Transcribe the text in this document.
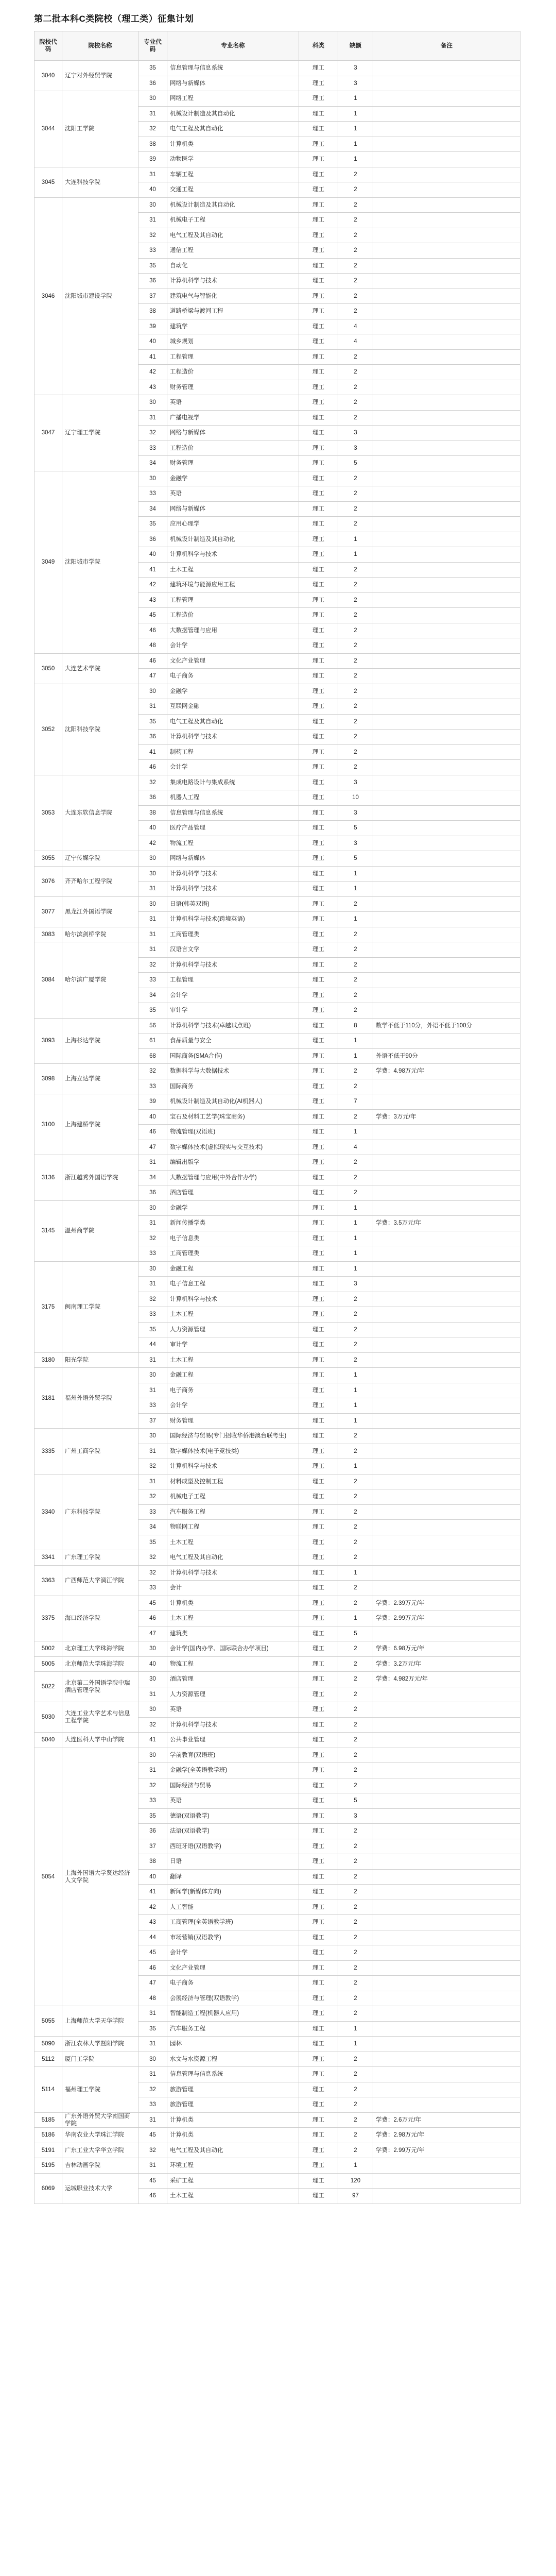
第二批本科C类院校（理工类）征集计划
院校代码	院校名称	专业代码	专业名称	科类	缺额	备注
3040	辽宁对外经贸学院	35	信息管理与信息系统	理工	3	
		36	网络与新媒体	理工	3	
3044	沈阳工学院	30	网络工程	理工	1	
		31	机械设计制造及其自动化	理工	1	
		32	电气工程及其自动化	理工	1	
		38	计算机类	理工	1	
		39	动物医学	理工	1	
3045	大连科技学院	31	车辆工程	理工	2	
		40	交通工程	理工	2	
3046	沈阳城市建设学院	30	机械设计制造及其自动化	理工	2	
		31	机械电子工程	理工	2	
		32	电气工程及其自动化	理工	2	
		33	通信工程	理工	2	
		35	自动化	理工	2	
		36	计算机科学与技术	理工	2	
		37	建筑电气与智能化	理工	2	
		38	道路桥梁与渡河工程	理工	2	
		39	建筑学	理工	4	
		40	城乡规划	理工	4	
		41	工程管理	理工	2	
		42	工程造价	理工	2	
		43	财务管理	理工	2	
3047	辽宁理工学院	30	英语	理工	2	
		31	广播电视学	理工	2	
		32	网络与新媒体	理工	3	
		33	工程造价	理工	3	
		34	财务管理	理工	5	
3049	沈阳城市学院	30	金融学	理工	2	
		33	英语	理工	2	
		34	网络与新媒体	理工	2	
		35	应用心理学	理工	2	
		36	机械设计制造及其自动化	理工	1	
		40	计算机科学与技术	理工	1	
		41	土木工程	理工	2	
		42	建筑环境与能源应用工程	理工	2	
		43	工程管理	理工	2	
		45	工程造价	理工	2	
		46	大数据管理与应用	理工	2	
		48	会计学	理工	2	
3050	大连艺术学院	46	文化产业管理	理工	2	
		47	电子商务	理工	2	
3052	沈阳科技学院	30	金融学	理工	2	
		31	互联网金融	理工	2	
		35	电气工程及其自动化	理工	2	
		36	计算机科学与技术	理工	2	
		41	制药工程	理工	2	
		46	会计学	理工	2	
3053	大连东软信息学院	32	集成电路设计与集成系统	理工	3	
		36	机器人工程	理工	10	
		38	信息管理与信息系统	理工	3	
		40	医疗产品管理	理工	5	
		42	物流工程	理工	3	
3055	辽宁传媒学院	30	网络与新媒体	理工	5	
3076	齐齐哈尔工程学院	30	计算机科学与技术	理工	1	
		31	计算机科学与技术	理工	1	
3077	黑龙江外国语学院	30	日语(韩英双语)	理工	2	
		31	计算机科学与技术(跨境英语)	理工	1	
3083	哈尔滨剑桥学院	31	工商管理类	理工	2	
3084	哈尔滨广厦学院	31	汉语言文学	理工	2	
		32	计算机科学与技术	理工	2	
		33	工程管理	理工	2	
		34	会计学	理工	2	
		35	审计学	理工	2	
3093	上海杉达学院	56	计算机科学与技术(卓越试点班)	理工	8	数学不低于110分，外语不低于100分
		61	食品质量与安全	理工	1	
		68	国际商务(SMA合作)	理工	1	外语不低于90分
3098	上海立达学院	32	数据科学与大数据技术	理工	2	学费：4.98万元/年
		33	国际商务	理工	2	
3100	上海建桥学院	39	机械设计制造及其自动化(AI机器人)	理工	7	
		40	宝石及材料工艺学(珠宝商务)	理工	2	学费：3万元/年
		46	物流管理(双语班)	理工	1	
		47	数字媒体技术(虚拟现实与交互技术)	理工	4	
3136	浙江越秀外国语学院	31	编辑出版学	理工	2	
		34	大数据管理与应用(中外合作办学)	理工	2	
		36	酒店管理	理工	2	
3145	温州商学院	30	金融学	理工	1	
		31	新闻传播学类	理工	1	学费：3.5万元/年
		32	电子信息类	理工	1	
		33	工商管理类	理工	1	
3175	闽南理工学院	30	金融工程	理工	1	
		31	电子信息工程	理工	3	
		32	计算机科学与技术	理工	2	
		33	土木工程	理工	2	
		35	人力资源管理	理工	2	
		44	审计学	理工	2	
3180	阳光学院	31	土木工程	理工	2	
3181	福州外语外贸学院	30	金融工程	理工	1	
		31	电子商务	理工	1	
		33	会计学	理工	1	
		37	财务管理	理工	1	
3335	广州工商学院	30	国际经济与贸易(专门招收华侨港澳台联考生)	理工	2	
		31	数字媒体技术(电子竞技类)	理工	2	
		32	计算机科学与技术	理工	1	
3340	广东科技学院	31	材料成型及控制工程	理工	2	
		32	机械电子工程	理工	2	
		33	汽车服务工程	理工	2	
		34	物联网工程	理工	2	
		35	土木工程	理工	2	
3341	广东理工学院	32	电气工程及其自动化	理工	2	
3363	广西师范大学漓江学院	32	计算机科学与技术	理工	1	
		33	会计	理工	2	
3375	海口经济学院	45	计算机类	理工	2	学费：2.39万元/年
		46	土木工程	理工	1	学费：2.99万元/年
		47	建筑类	理工	5	
5002	北京理工大学珠海学院	30	会计学(国内办学、国际联合办学项目)	理工	2	学费：6.98万元/年
5005	北京师范大学珠海学院	40	物流工程	理工	2	学费：3.2万元/年
5022	北京第二外国语学院中瑞酒店管理学院	30	酒店管理	理工	2	学费：4.982万元/年
		31	人力资源管理	理工	2	
5030	大连工业大学艺术与信息工程学院	30	英语	理工	2	
		32	计算机科学与技术	理工	2	
5040	大连医科大学中山学院	41	公共事业管理	理工	2	
5054	上海外国语大学贤达经济人文学院	30	学前教育(双语班)	理工	2	
		31	金融学(全英语教学班)	理工	2	
		32	国际经济与贸易	理工	2	
		33	英语	理工	5	
		35	德语(双语教学)	理工	3	
		36	法语(双语教学)	理工	2	
		37	西班牙语(双语教学)	理工	2	
		38	日语	理工	2	
		40	翻译	理工	2	
		41	新闻学(新媒体方向)	理工	2	
		42	人工智能	理工	2	
		43	工商管理(全英语教学班)	理工	2	
		44	市场营销(双语教学)	理工	2	
		45	会计学	理工	2	
		46	文化产业管理	理工	2	
		47	电子商务	理工	2	
		48	会展经济与管理(双语教学)	理工	2	
5055	上海师范大学天华学院	31	智能制造工程(机器人应用)	理工	2	
		35	汽车服务工程	理工	1	
5090	浙江农林大学暨阳学院	31	园林	理工	1	
5112	厦门工学院	30	水文与水资源工程	理工	2	
5114	福州理工学院	31	信息管理与信息系统	理工	2	
		32	旅游管理	理工	2	
		33	旅游管理	理工	2	
5185	广东外语外贸大学南国商学院	31	计算机类	理工	2	学费：2.6万元/年
5186	华南农业大学珠江学院	45	计算机类	理工	2	学费：2.98万元/年
5191	广东工业大学华立学院	32	电气工程及其自动化	理工	2	学费：2.99万元/年
5195	吉林动画学院	31	环境工程	理工	1	
6069	运城职业技术大学	45	采矿工程	理工	120	
		46	土木工程	理工	97	
